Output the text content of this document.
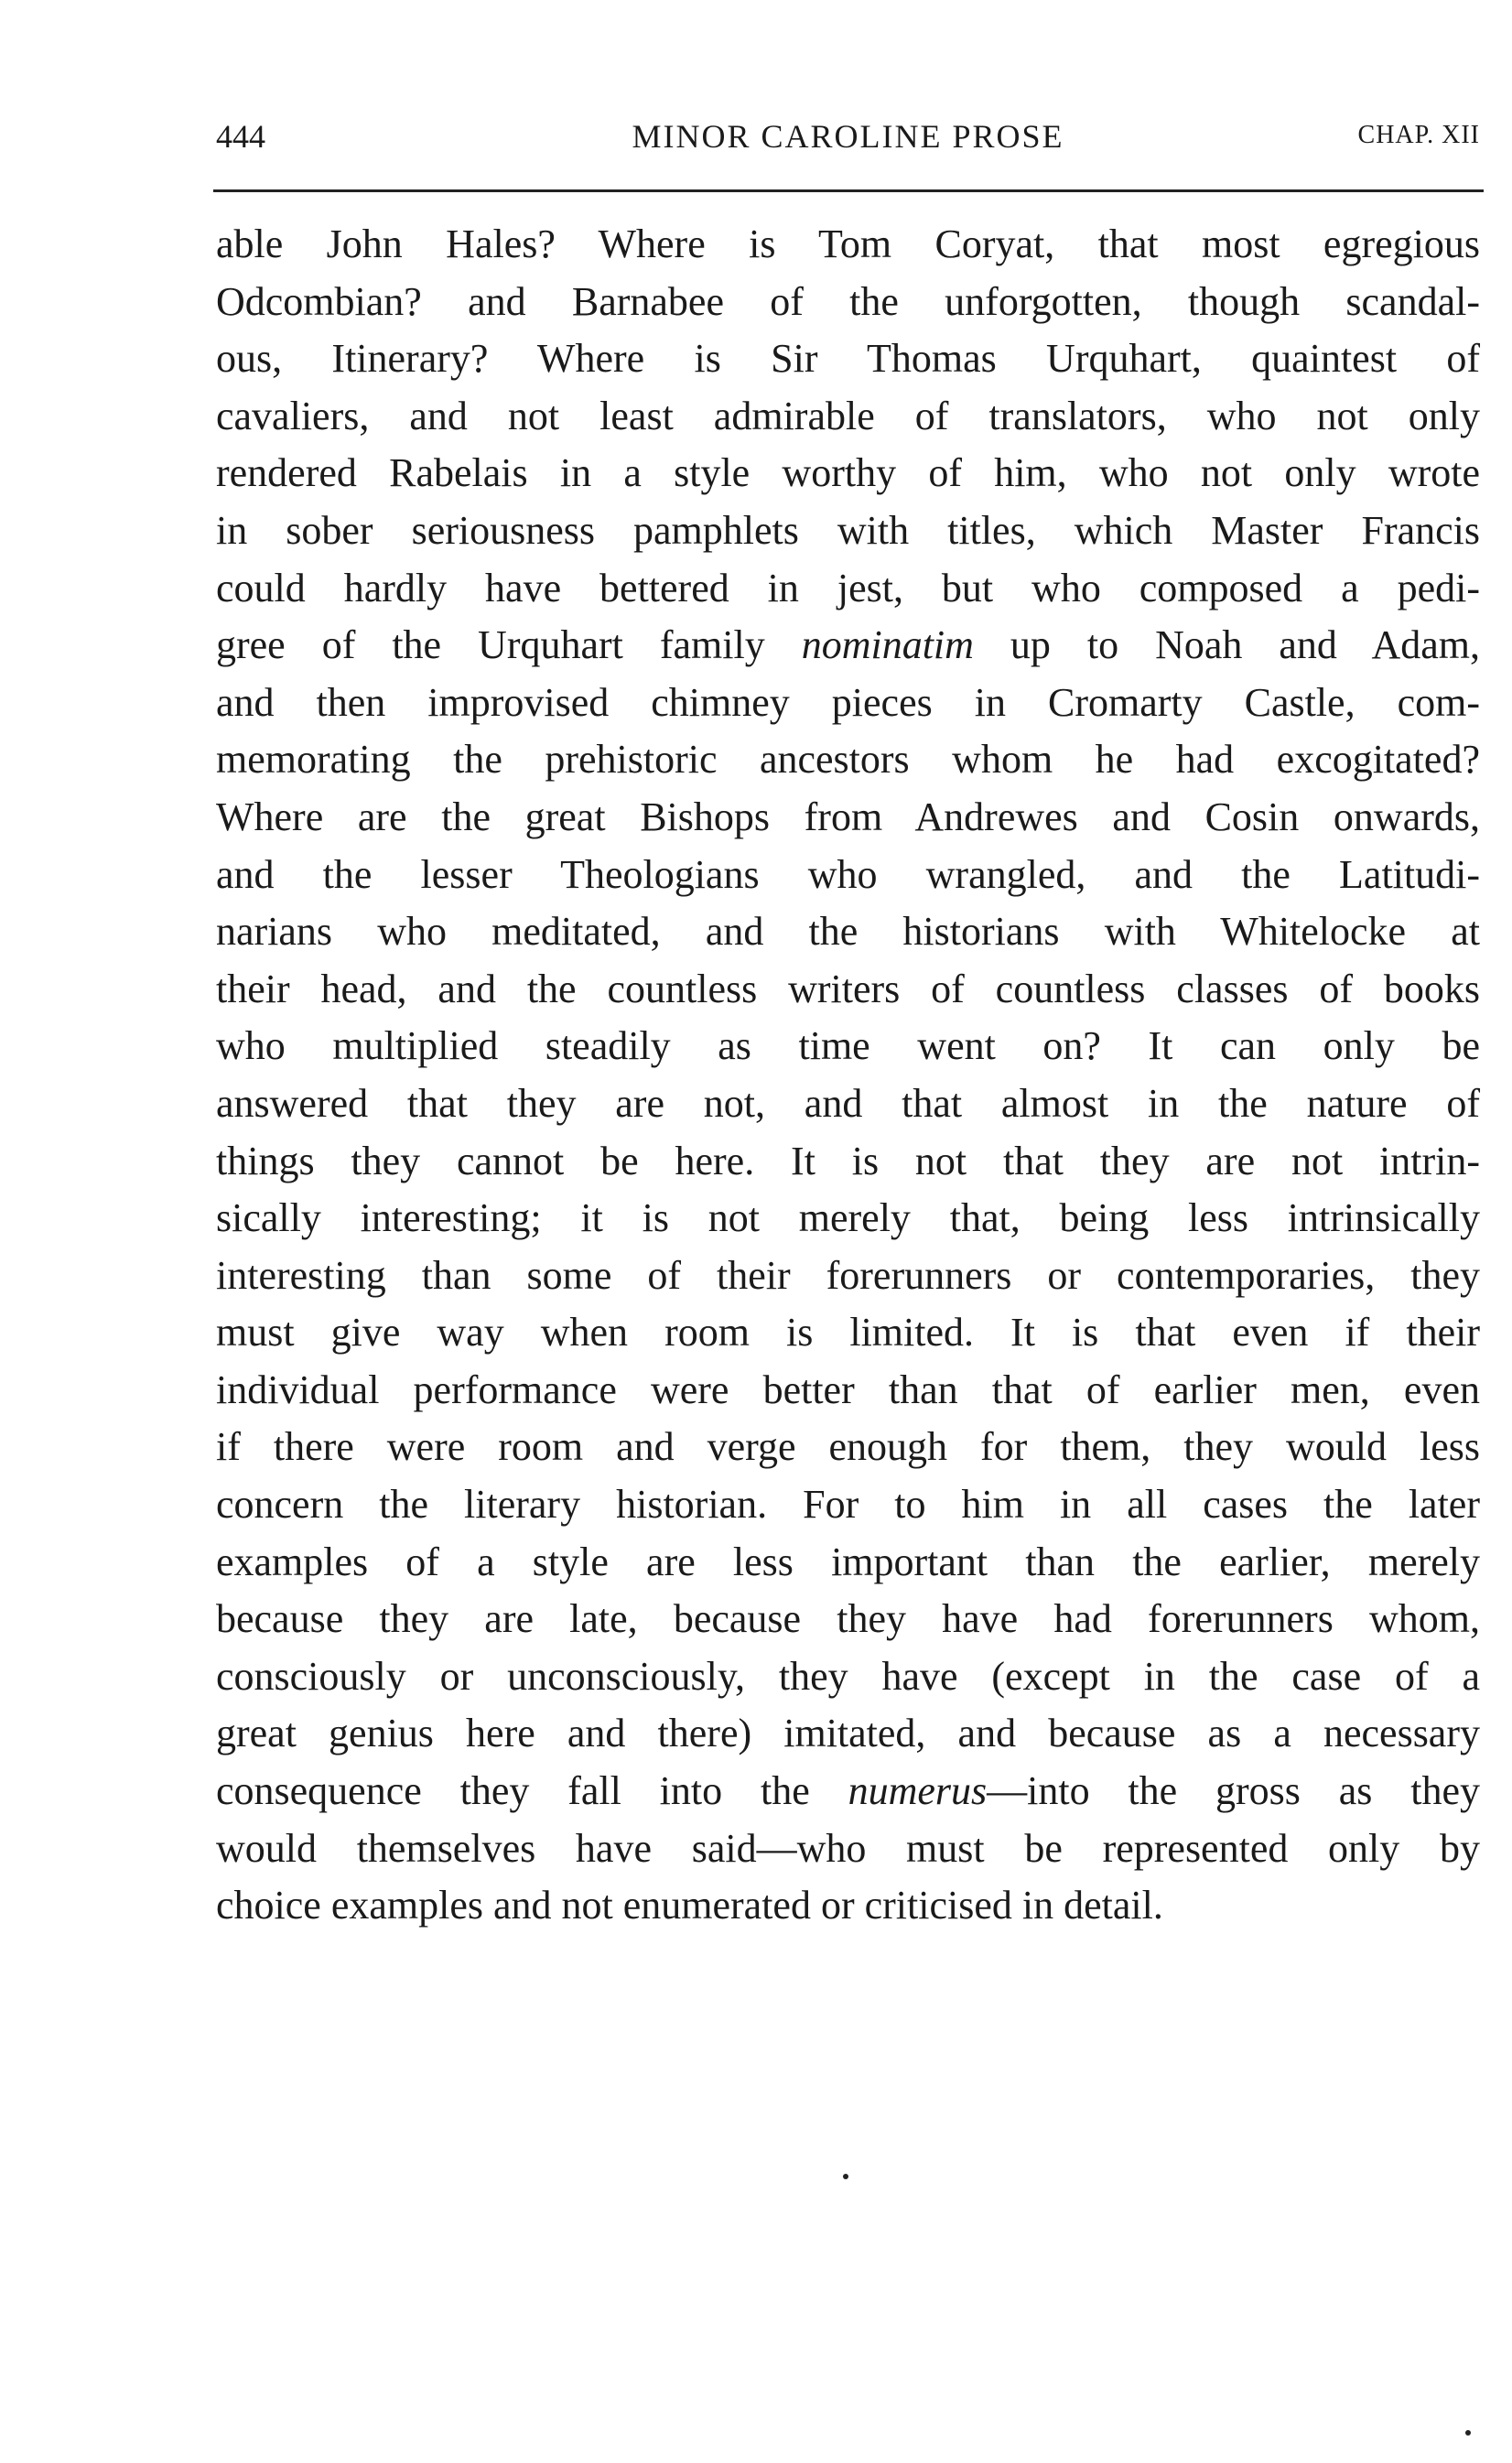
444	MINOR CAROLINE PROSE	CHAP. XII
able John Hales? Where is Tom Coryat, that most egregious
Odcombian? and Barnabee of the unforgotten, though scandal-
ous, Itinerary? Where is Sir Thomas Urquhart, quaintest of
cavaliers, and not least admirable of translators, who not only
rendered Rabelais in a style worthy of him, who not only wrote
in sober seriousness pamphlets with titles, which Master Francis
could hardly have bettered in jest, but who composed a pedi-
gree of the Urquhart family nominatim up to Noah and Adam,
and then improvised chimney pieces in Cromarty Castle, com-
memorating the prehistoric ancestors whom he had excogitated?
Where are the great Bishops from Andrewes and Cosin onwards,
and the lesser Theologians who wrangled, and the Latitudi-
narians who meditated, and the historians with Whitelocke at
their head, and the countless writers of countless classes of books
who multiplied steadily as time went on? It can only be
answered that they are not, and that almost in the nature of
things they cannot be here. It is not that they are not intrin-
sically interesting; it is not merely that, being less intrinsically
interesting than some of their forerunners or contemporaries, they
must give way when room is limited. It is that even if their
individual performance were better than that of earlier men, even
if there were room and verge enough for them, they would less
concern the literary historian. For to him in all cases the later
examples of a style are less important than the earlier, merely
because they are late, because they have had forerunners whom,
consciously or unconsciously, they have (except in the case of a
great genius here and there) imitated, and because as a necessary
consequence they fall into the numerus—into the gross as they
would themselves have said—who must be represented only by
choice examples and not enumerated or criticised in detail.
